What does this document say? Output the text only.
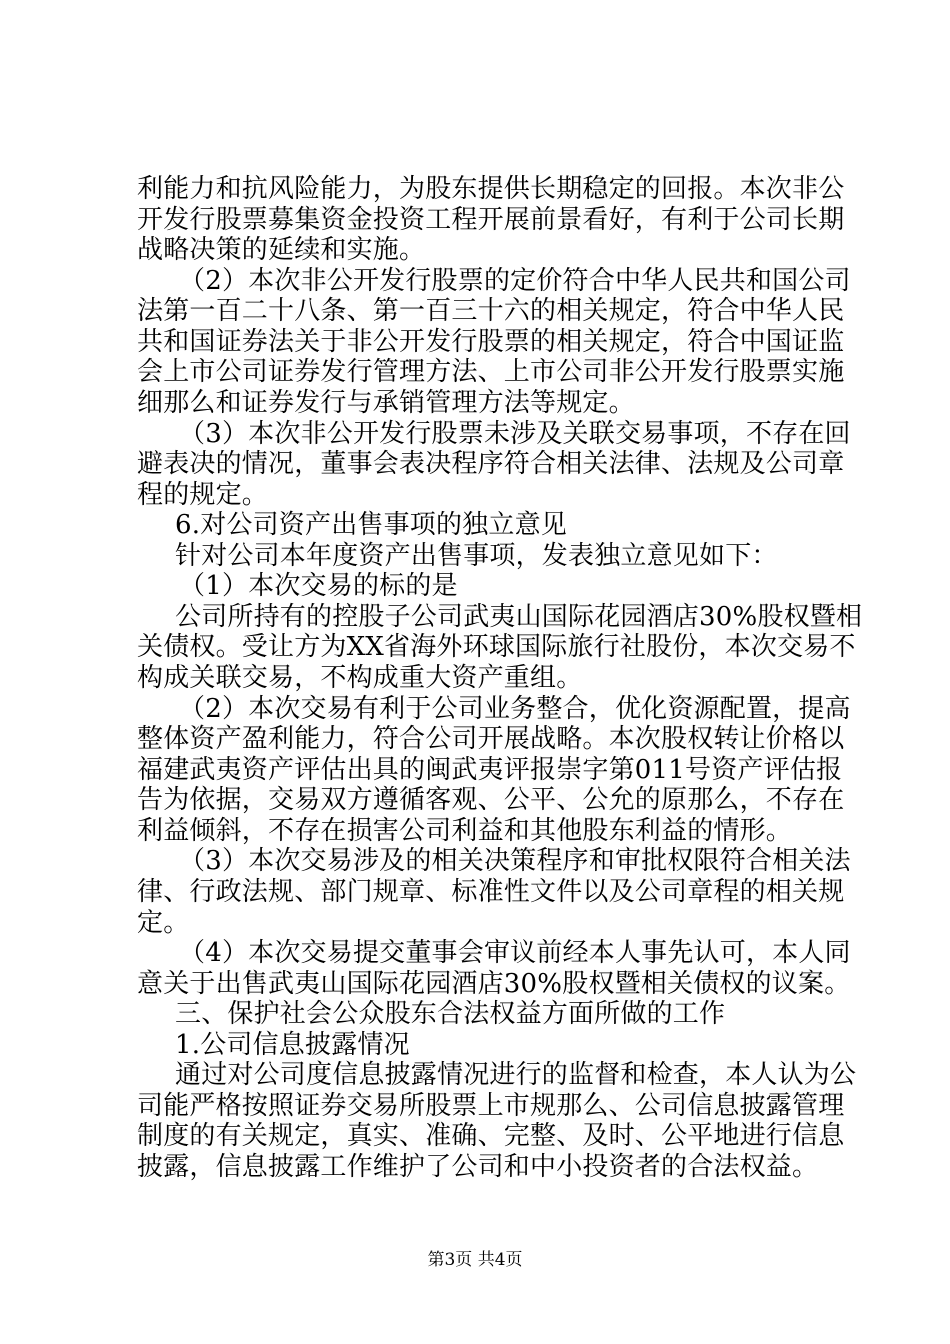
利能力和抗风险能力，为股东提供长期稳定的回报。本次非公
开发行股票募集资金投资工程开展前景看好，有利于公司长期
战略决策的延续和实施。
（2）本次非公开发行股票的定价符合中华人民共和国公司
法第一百二十八条、第一百三十六的相关规定，符合中华人民
共和国证券法关于非公开发行股票的相关规定，符合中国证监
会上市公司证券发行管理方法、上市公司非公开发行股票实施
细那么和证券发行与承销管理方法等规定。
（3）本次非公开发行股票未涉及关联交易事项，不存在回
避表决的情况，董事会表决程序符合相关法律、法规及公司章
程的规定。
6.对公司资产出售事项的独立意见
针对公司本年度资产出售事项，发表独立意见如下：
（1）本次交易的标的是
公司所持有的控股子公司武夷山国际花园酒店30%股权暨相
关债权。受让方为XX省海外环球国际旅行社股份，本次交易不
构成关联交易，不构成重大资产重组。
（2）本次交易有利于公司业务整合，优化资源配置，提高
整体资产盈利能力，符合公司开展战略。本次股权转让价格以
福建武夷资产评估出具的闽武夷评报崇字第011号资产评估报
告为依据，交易双方遵循客观、公平、公允的原那么，不存在
利益倾斜，不存在损害公司利益和其他股东利益的情形。
（3）本次交易涉及的相关决策程序和审批权限符合相关法
律、行政法规、部门规章、标准性文件以及公司章程的相关规
定。
（4）本次交易提交董事会审议前经本人事先认可，本人同
意关于出售武夷山国际花园酒店30%股权暨相关债权的议案。
三、保护社会公众股东合法权益方面所做的工作
1.公司信息披露情况
通过对公司度信息披露情况进行的监督和检查，本人认为公
司能严格按照证券交易所股票上市规那么、公司信息披露管理
制度的有关规定，真实、准确、完整、及时、公平地进行信息
披露，信息披露工作维护了公司和中小投资者的合法权益。
第3页 共4页
